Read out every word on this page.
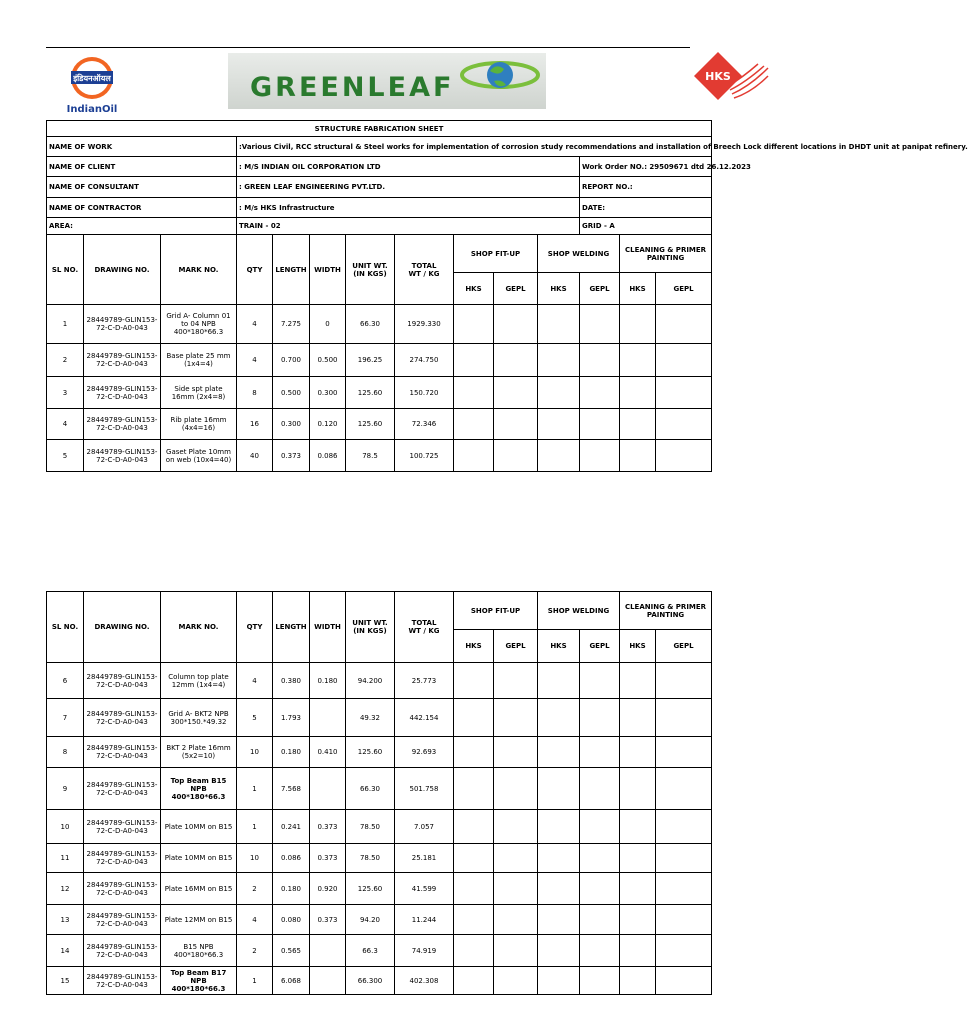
इंडियनऑयल
IndianOil
GREENLEAF	HKS
STRUCTURE FABRICATION SHEET													
NAME OF WORK			:Various Civil, RCC structural & Steel works for implementation of corrosion study recommendations and installation of Breech Lock different locations in DHDT unit at panipat refinery.										
NAME OF CLIENT			: M/S INDIAN OIL CORPORATION LTD								Work Order NO.: 29509671 dtd 26.12.2023		
NAME OF CONSULTANT			: GREEN LEAF ENGINEERING PVT.LTD.								REPORT NO.:		
NAME OF CONTRACTOR			: M/s HKS Infrastructure								DATE:		
AREA:			TRAIN - 02								GRID - A		
SL NO.	DRAWING NO.	MARK NO.	QTY	LENGTH	WIDTH	UNIT WT.
(IN KGS)	TOTAL
WT / KG	SHOP FIT-UP		SHOP WELDING		CLEANING & PRIMER
PAINTING	
								HKS	GEPL	HKS	GEPL	HKS	GEPL
1	28449789-GLIN153-
72-C-D-A0-043	Grid A- Column 01
to 04 NPB
400*180*66.3	4	7.275	0	66.30	1929.330						
2	28449789-GLIN153-
72-C-D-A0-043	Base plate 25 mm
(1x4=4)	4	0.700	0.500	196.25	274.750						
3	28449789-GLIN153-
72-C-D-A0-043	Side spt plate
16mm (2x4=8)	8	0.500	0.300	125.60	150.720						
4	28449789-GLIN153-
72-C-D-A0-043	Rib plate 16mm
(4x4=16)	16	0.300	0.120	125.60	72.346						
5	28449789-GLIN153-
72-C-D-A0-043	Gaset Plate 10mm
on web (10x4=40)	40	0.373	0.086	78.5	100.725						
SL NO.	DRAWING NO.	MARK NO.	QTY	LENGTH	WIDTH	UNIT WT.
(IN KGS)	TOTAL
WT / KG	SHOP FIT-UP		SHOP WELDING		CLEANING & PRIMER
PAINTING	
								HKS	GEPL	HKS	GEPL	HKS	GEPL
6	28449789-GLIN153-
72-C-D-A0-043	Column top plate
12mm (1x4=4)	4	0.380	0.180	94.200	25.773						
7	28449789-GLIN153-
72-C-D-A0-043	Grid A- BKT2 NPB
300*150.*49.32	5	1.793		49.32	442.154						
8	28449789-GLIN153-
72-C-D-A0-043	BKT 2 Plate 16mm
(5x2=10)	10	0.180	0.410	125.60	92.693						
9	28449789-GLIN153-
72-C-D-A0-043	Top Beam B15
NPB
400*180*66.3	1	7.568		66.30	501.758						
10	28449789-GLIN153-
72-C-D-A0-043	Plate 10MM on B15	1	0.241	0.373	78.50	7.057						
11	28449789-GLIN153-
72-C-D-A0-043	Plate 10MM on B15	10	0.086	0.373	78.50	25.181						
12	28449789-GLIN153-
72-C-D-A0-043	Plate 16MM on B15	2	0.180	0.920	125.60	41.599						
13	28449789-GLIN153-
72-C-D-A0-043	Plate 12MM on B15	4	0.080	0.373	94.20	11.244						
14	28449789-GLIN153-
72-C-D-A0-043	B15 NPB
400*180*66.3	2	0.565		66.3	74.919						
15	28449789-GLIN153-
72-C-D-A0-043	Top Beam B17
NPB
400*180*66.3	1	6.068		66.300	402.308						
